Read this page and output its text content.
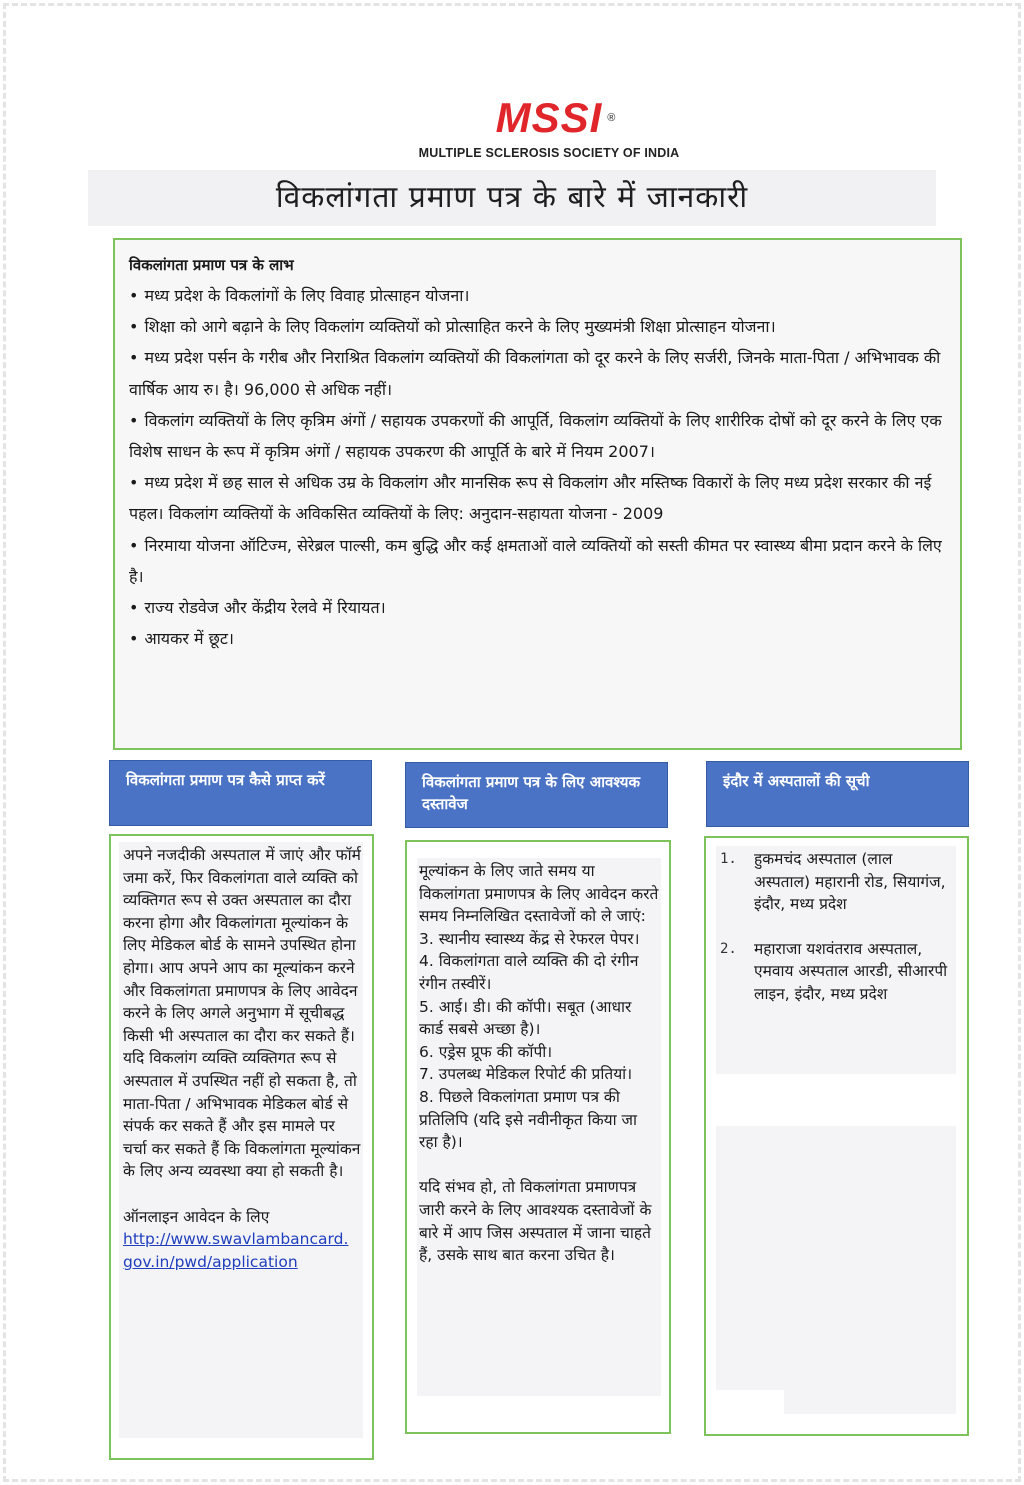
MSSI ®
MULTIPLE SCLEROSIS SOCIETY OF INDIA
विकलांगता प्रमाण पत्र के बारे में जानकारी
विकलांगता प्रमाण पत्र के लाभ
• मध्य प्रदेश के विकलांगों के लिए विवाह प्रोत्साहन योजना।
• शिक्षा को आगे बढ़ाने के लिए विकलांग व्यक्तियों को प्रोत्साहित करने के लिए मुख्यमंत्री शिक्षा प्रोत्साहन योजना।
• मध्य प्रदेश पर्सन के गरीब और निराश्रित विकलांग व्यक्तियों की विकलांगता को दूर करने के लिए सर्जरी, जिनके माता-पिता / अभिभावक की वार्षिक आय रु। है। 96,000 से अधिक नहीं।
• विकलांग व्यक्तियों के लिए कृत्रिम अंगों / सहायक उपकरणों की आपूर्ति, विकलांग व्यक्तियों के लिए शारीरिक दोषों को दूर करने के लिए एक विशेष साधन के रूप में कृत्रिम अंगों / सहायक उपकरण की आपूर्ति के बारे में नियम 2007।
• मध्य प्रदेश में छह साल से अधिक उम्र के विकलांग और मानसिक रूप से विकलांग और मस्तिष्क विकारों के लिए मध्य प्रदेश सरकार की नई पहल। विकलांग व्यक्तियों के अविकसित व्यक्तियों के लिए: अनुदान-सहायता योजना - 2009
• निरमाया योजना ऑटिज्म, सेरेब्रल पाल्सी, कम बुद्धि और कई क्षमताओं वाले व्यक्तियों को सस्ती कीमत पर स्वास्थ्य बीमा प्रदान करने के लिए है।
• राज्य रोडवेज और केंद्रीय रेलवे में रियायत।
• आयकर में छूट।
विकलांगता प्रमाण पत्र कैसे प्राप्त करें	विकलांगता प्रमाण पत्र के लिए आवश्यक दस्तावेज
इंदौर में अस्पतालों की सूची

अपने नजदीकी अस्पताल में जाएं और फॉर्म जमा करें, फिर विकलांगता वाले व्यक्ति को व्यक्तिगत रूप से उक्त अस्पताल का दौरा करना होगा और विकलांगता मूल्यांकन के लिए मेडिकल बोर्ड के सामने उपस्थित होना होगा। आप अपने आप का मूल्यांकन करने और विकलांगता प्रमाणपत्र के लिए आवेदन करने के लिए अगले अनुभाग में सूचीबद्ध किसी भी अस्पताल का दौरा कर सकते हैं। यदि विकलांग व्यक्ति व्यक्तिगत रूप से अस्पताल में उपस्थित नहीं हो सकता है, तो माता-पिता / अभिभावक मेडिकल बोर्ड से संपर्क कर सकते हैं और इस मामले पर चर्चा कर सकते हैं कि विकलांगता मूल्यांकन के लिए अन्य व्यवस्था क्या हो सकती है।

ऑनलाइन आवेदन के लिए

http://www.swavlambancard.
gov.in/pwd/application

मूल्यांकन के लिए जाते समय या विकलांगता प्रमाणपत्र के लिए आवेदन करते समय निम्नलिखित दस्तावेजों को ले जाएं:

3. स्थानीय स्वास्थ्य केंद्र से रेफरल पेपर।

4. विकलांगता वाले व्यक्ति की दो रंगीन रंगीन तस्वीरें।

5. आई। डी। की कॉपी। सबूत (आधार कार्ड सबसे अच्छा है)।

6. एड्रेस प्रूफ की कॉपी।

7. उपलब्ध मेडिकल रिपोर्ट की प्रतियां।

8. पिछले विकलांगता प्रमाण पत्र की प्रतिलिपि (यदि इसे नवीनीकृत किया जा रहा है)।

यदि संभव हो, तो विकलांगता प्रमाणपत्र जारी करने के लिए आवश्यक दस्तावेजों के बारे में आप जिस अस्पताल में जाना चाहते हैं, उसके साथ बात करना उचित है।

1.	हुकमचंद अस्पताल (लाल अस्पताल) महारानी रोड, सियागंज, इंदौर, मध्य प्रदेश
2.	महाराजा यशवंतराव अस्पताल, एमवाय अस्पताल आरडी, सीआरपी लाइन, इंदौर, मध्य प्रदेश
